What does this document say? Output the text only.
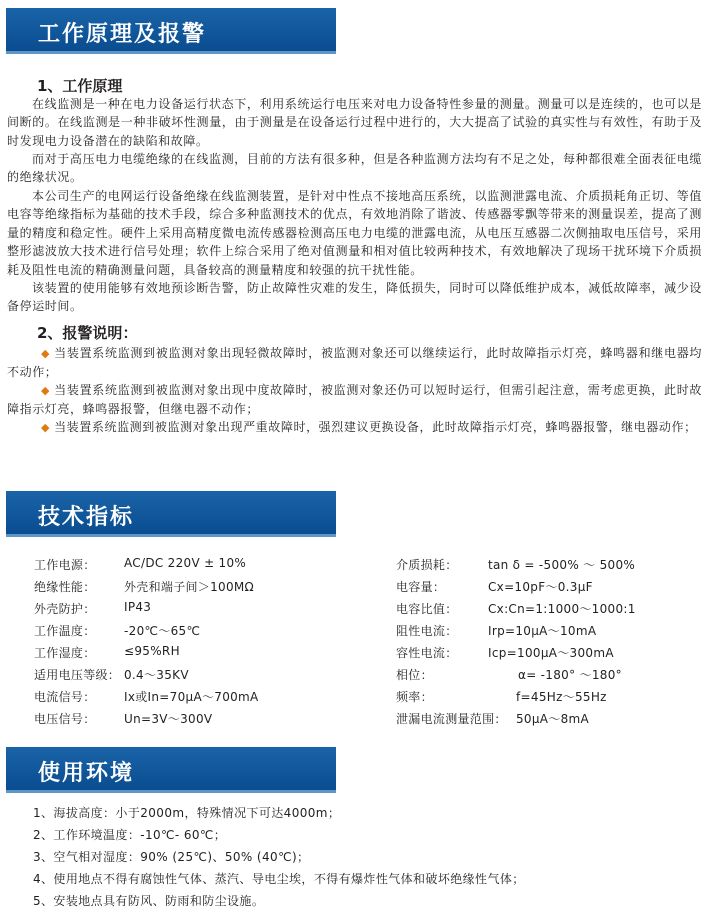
工作原理及报警
1、工作原理
在线监测是一种在电力设备运行状态下，利用系统运行电压来对电力设备特性参量的测量。测量可以是连续的，也可以是间断的。在线监测是一种非破坏性测量，由于测量是在设备运行过程中进行的，大大提高了试验的真实性与有效性，有助于及时发现电力设备潜在的缺陷和故障。
而对于高压电力电缆绝缘的在线监测，目前的方法有很多种，但是各种监测方法均有不足之处，每种都很难全面表征电缆的绝缘状况。
本公司生产的电网运行设备绝缘在线监测装置，是针对中性点不接地高压系统，以监测泄露电流、介质损耗角正切、等值电容等绝缘指标为基础的技术手段，综合多种监测技术的优点，有效地消除了谐波、传感器零飘等带来的测量误差，提高了测量的精度和稳定性。硬件上采用高精度微电流传感器检测高压电力电缆的泄露电流，从电压互感器二次侧抽取电压信号，采用整形滤波放大技术进行信号处理；软件上综合采用了绝对值测量和相对值比较两种技术，有效地解决了现场干扰环境下介质损耗及阻性电流的精确测量问题，具备较高的测量精度和较强的抗干扰性能。
该装置的使用能够有效地预诊断告警，防止故障性灾难的发生，降低损失，同时可以降低维护成本，减低故障率，减少设备停运时间。
2、报警说明：
◆ 当装置系统监测到被监测对象出现轻微故障时，被监测对象还可以继续运行，此时故障指示灯亮，蜂鸣器和继电器均不动作；
◆ 当装置系统监测到被监测对象出现中度故障时，被监测对象还仍可以短时运行，但需引起注意，需考虑更换，此时故障指示灯亮，蜂鸣器报警，但继电器不动作；
◆ 当装置系统监测到被监测对象出现严重故障时，强烈建议更换设备，此时故障指示灯亮，蜂鸣器报警，继电器动作；
技术指标
工作电源： AC/DC 220V ± 10%
绝缘性能： 外壳和端子间＞100MΩ
外壳防护： IP43
工作温度： -20℃～65℃
工作湿度： ≤95%RH
适用电压等级： 0.4～35KV
电流信号： Ix或In=70μA～700mA
电压信号： Un=3V～300V
介质损耗：	tan δ = -500% ～ 500%
电容量：	Cx=10pF～0.3μF
电容比值：	Cx:Cn=1:1000～1000:1
阻性电流：	Irp=10μA～10mA
容性电流：	Icp=100μA～300mA
相位：	α= -180° ～180°
频率：	f=45Hz～55Hz
泄漏电流测量范围： 50μA～8mA
使用环境
1、海拔高度：小于2000m，特殊情况下可达4000m；
2、工作环境温度：-10℃- 60℃；
3、空气相对湿度：90% (25℃)、50% (40℃)；
4、使用地点不得有腐蚀性气体、蒸汽、导电尘埃，不得有爆炸性气体和破坏绝缘性气体；
5、安装地点具有防风、防雨和防尘设施。
